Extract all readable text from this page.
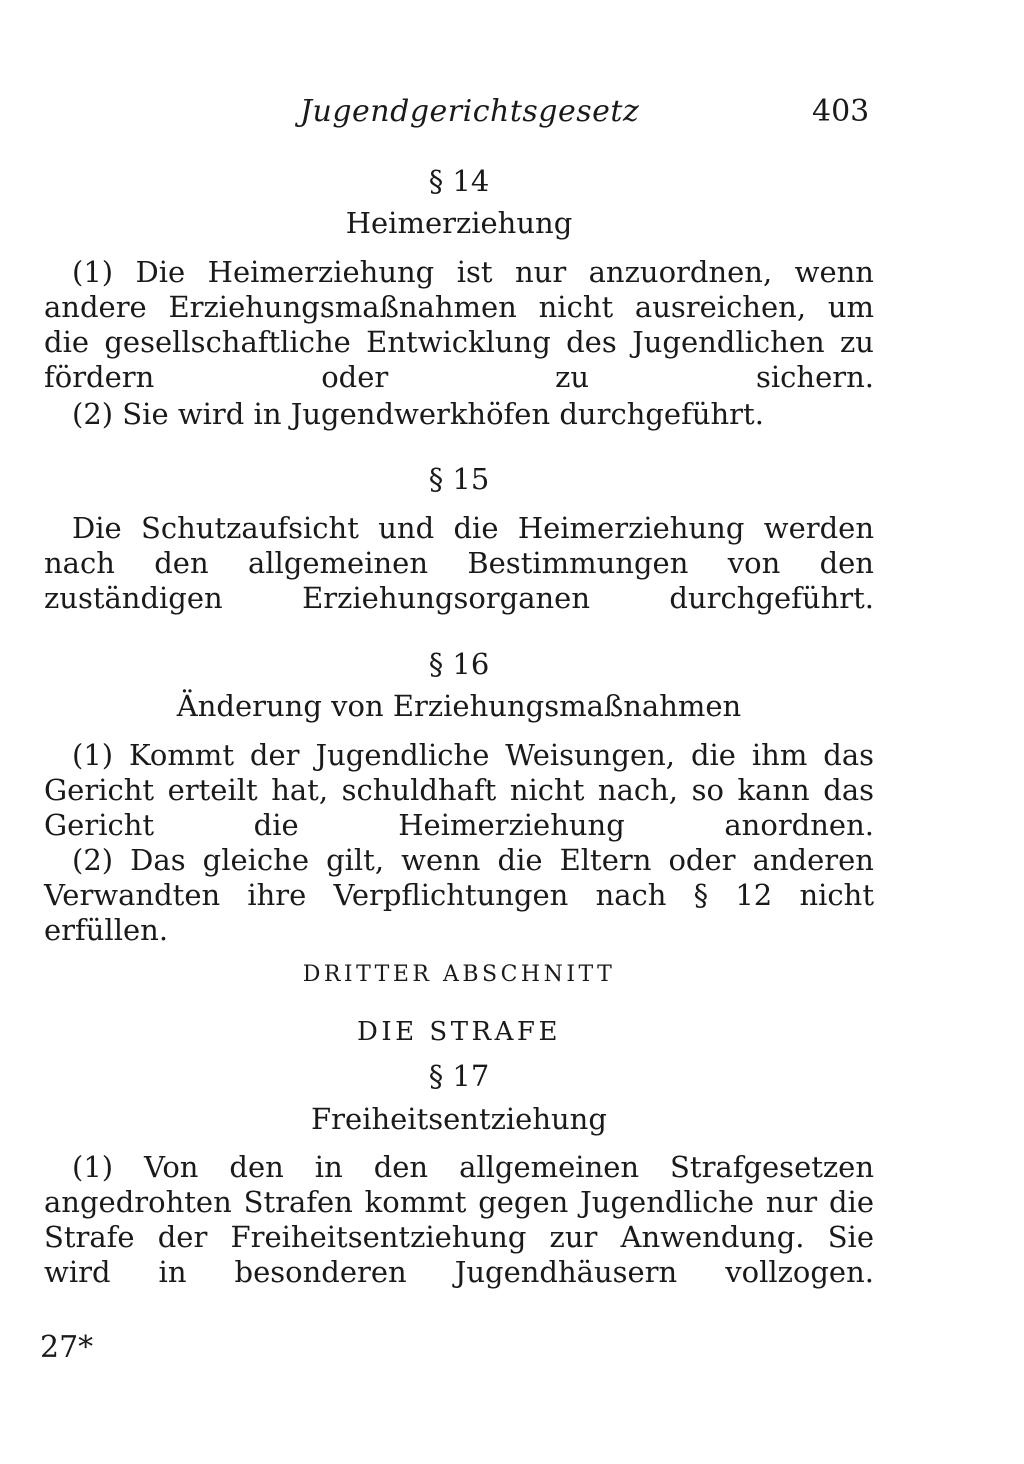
Jugendgerichtsgesetz	403

§ 14

Heimerziehung

(1) Die Heimerziehung ist nur anzuordnen, wenn andere Erziehungsmaßnahmen nicht ausreichen, um die gesellschaftliche Entwicklung des Jugendlichen zu fördern oder zu sichern.

(2) Sie wird in Jugendwerkhöfen durchgeführt.

§ 15

Die Schutzaufsicht und die Heimerziehung werden nach den allgemeinen Bestimmungen von den zuständigen Erziehungsorganen durchgeführt.

§ 16

Änderung von Erziehungsmaßnahmen

(1) Kommt der Jugendliche Weisungen, die ihm das Gericht erteilt hat, schuldhaft nicht nach, so kann das Gericht die Heimerziehung anordnen.

(2) Das gleiche gilt, wenn die Eltern oder anderen Verwandten ihre Verpflichtungen nach § 12 nicht erfüllen.

DRITTER ABSCHNITT

DIE STRAFE

§ 17

Freiheitsentziehung

(1) Von den in den allgemeinen Strafgesetzen angedrohten Strafen kommt gegen Jugendliche nur die Strafe der Freiheitsentziehung zur Anwendung. Sie wird in besonderen Jugendhäusern vollzogen.

27*
